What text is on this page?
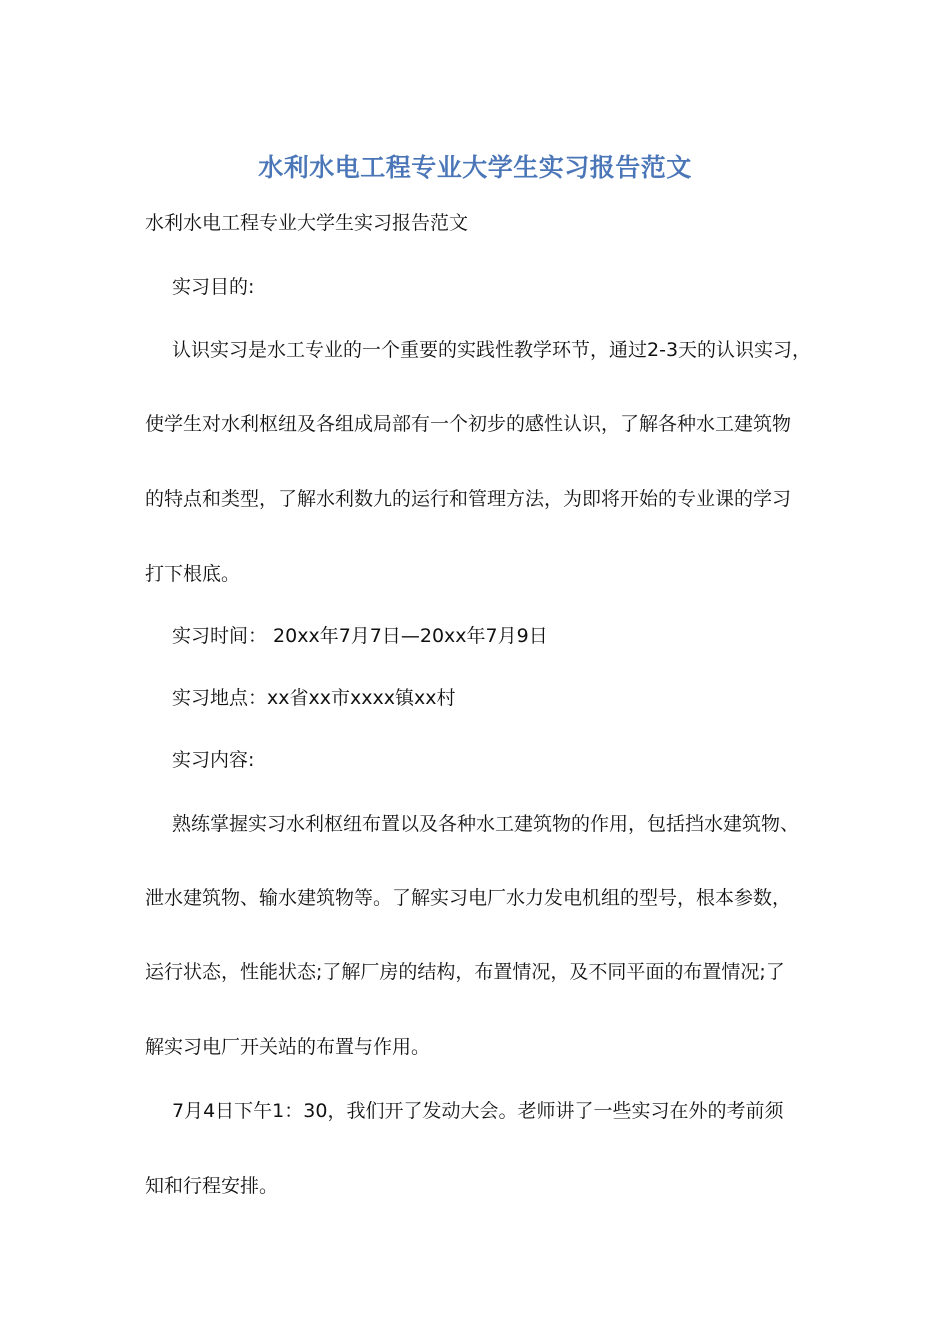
水利水电工程专业大学生实习报告范文
水利水电工程专业大学生实习报告范文
实习目的:
认识实习是水工专业的一个重要的实践性教学环节，通过2-3天的认识实习，
使学生对水利枢纽及各组成局部有一个初步的感性认识，了解各种水工建筑物
的特点和类型，了解水利数九的运行和管理方法，为即将开始的专业课的学习
打下根底。
实习时间： 20xx年7月7日—20xx年7月9日
实习地点：xx省xx市xxxx镇xx村
实习内容:
熟练掌握实习水利枢纽布置以及各种水工建筑物的作用，包括挡水建筑物、
泄水建筑物、输水建筑物等。了解实习电厂水力发电机组的型号，根本参数，
运行状态，性能状态;了解厂房的结构，布置情况，及不同平面的布置情况;了
解实习电厂开关站的布置与作用。
7月4日下午1：30，我们开了发动大会。老师讲了一些实习在外的考前须
知和行程安排。
